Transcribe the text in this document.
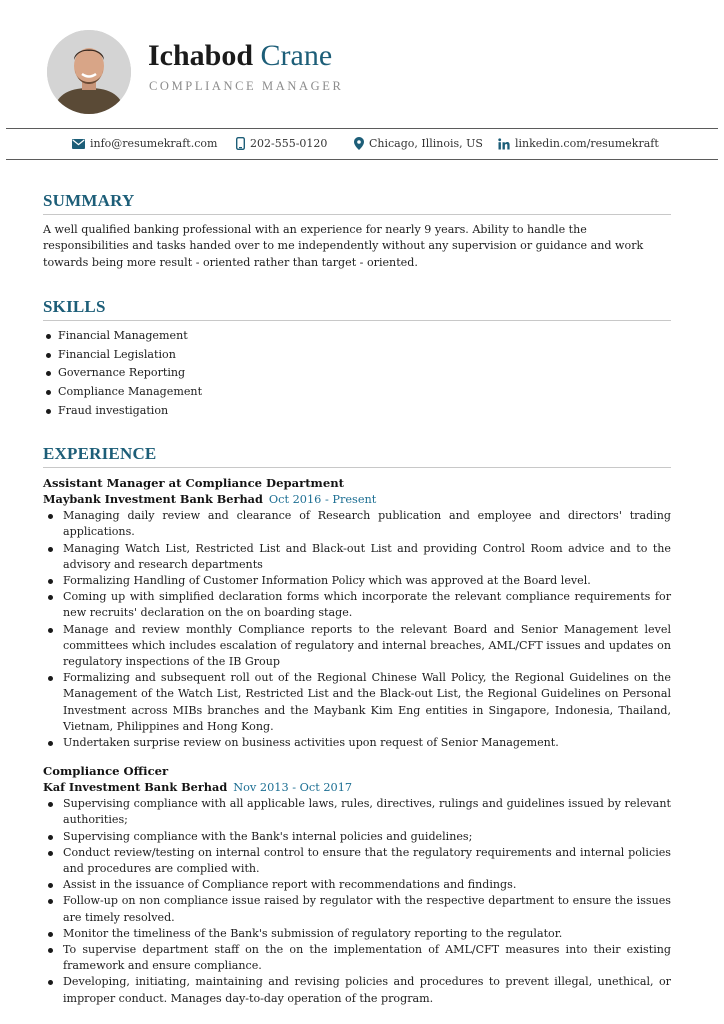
Ichabod Crane
COMPLIANCE MANAGER
info@resumekraft.com	202-555-0120	Chicago, Illinois, US	linkedin.com/resumekraft
SUMMARY

A well qualified banking professional with an experience for nearly 9 years. Ability to handle the responsibilities and tasks handed over to me independently without any supervision or guidance and work towards being more result - oriented rather than target - oriented.

SKILLS
Financial Management
Financial Legislation
Governance Reporting
Compliance Management
Fraud investigation
EXPERIENCE
Assistant Manager at Compliance Department
Maybank Investment Bank Berhad Oct 2016 - Present
Managing daily review and clearance of Research publication and employee and directors' trading applications.
Managing Watch List, Restricted List and Black-out List and providing Control Room advice and to the advisory and research departments
Formalizing Handling of Customer Information Policy which was approved at the Board level.
Coming up with simplified declaration forms which incorporate the relevant compliance requirements for new recruits' declaration on the on boarding stage.
Manage and review monthly Compliance reports to the relevant Board and Senior Management level committees which includes escalation of regulatory and internal breaches, AML/CFT issues and updates on regulatory inspections of the IB Group
Formalizing and subsequent roll out of the Regional Chinese Wall Policy, the Regional Guidelines on the Management of the Watch List, Restricted List and the Black-out List, the Regional Guidelines on Personal Investment across MIBs branches and the Maybank Kim Eng entities in Singapore, Indonesia, Thailand, Vietnam, Philippines and Hong Kong.
Undertaken surprise review on business activities upon request of Senior Management.
Compliance Officer
Kaf Investment Bank Berhad Nov 2013 - Oct 2017
Supervising compliance with all applicable laws, rules, directives, rulings and guidelines issued by relevant authorities;
Supervising compliance with the Bank's internal policies and guidelines;
Conduct review/testing on internal control to ensure that the regulatory requirements and internal policies and procedures are complied with.
Assist in the issuance of Compliance report with recommendations and findings.
Follow-up on non compliance issue raised by regulator with the respective department to ensure the issues are timely resolved.
Monitor the timeliness of the Bank's submission of regulatory reporting to the regulator.
To supervise department staff on the on the implementation of AML/CFT measures into their existing framework and ensure compliance.
Developing, initiating, maintaining and revising policies and procedures to prevent illegal, unethical, or improper conduct. Manages day-to-day operation of the program.
